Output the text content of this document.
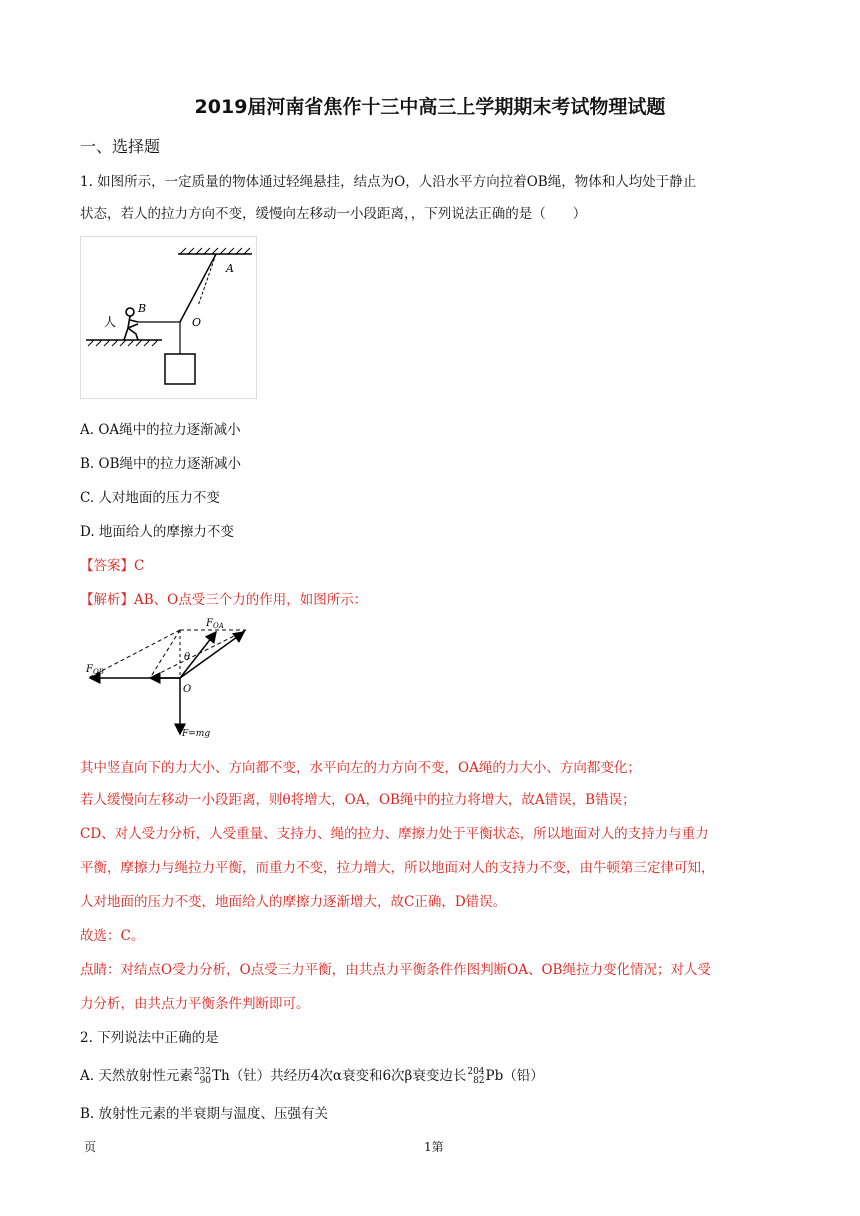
2019届河南省焦作十三中高三上学期期末考试物理试题
一、选择题
1. 如图所示，一定质量的物体通过轻绳悬挂，结点为O，人沿水平方向拉着OB绳，物体和人均处于静止
状态，若人的拉力方向不变，缓慢向左移动一小段距离，，下列说法正确的是（　　）
A
O
B
人
A. OA绳中的拉力逐渐减小
B. OB绳中的拉力逐渐减小
C. 人对地面的压力不变
D. 地面给人的摩擦力不变
【答案】C
【解析】AB、O点受三个力的作用，如图所示：
$F_{OA}$
$F_{OB}$
θ
O
F=mg
其中竖直向下的力大小、方向都不变，水平向左的力方向不变，OA绳的力大小、方向都变化；
若人缓慢向左移动一小段距离，则θ将增大，OA，OB绳中的拉力将增大，故A错误，B错误；
CD、对人受力分析，人受重量、支持力、绳的拉力、摩擦力处于平衡状态，所以地面对人的支持力与重力
平衡，摩擦力与绳拉力平衡，而重力不变，拉力增大，所以地面对人的支持力不变，由牛顿第三定律可知，
人对地面的压力不变，地面给人的摩擦力逐渐增大，故C正确，D错误。
故选：C。
点睛：对结点O受力分析，O点受三力平衡，由共点力平衡条件作图判断OA、OB绳拉力变化情况；对人受
力分析，由共点力平衡条件判断即可。
2. 下列说法中正确的是
A. 天然放射性元素232
90Th（钍）共经历4次α衰变和6次β衰变边长204
82Pb（铅）
B. 放射性元素的半衰期与温度、压强有关
页	1第
